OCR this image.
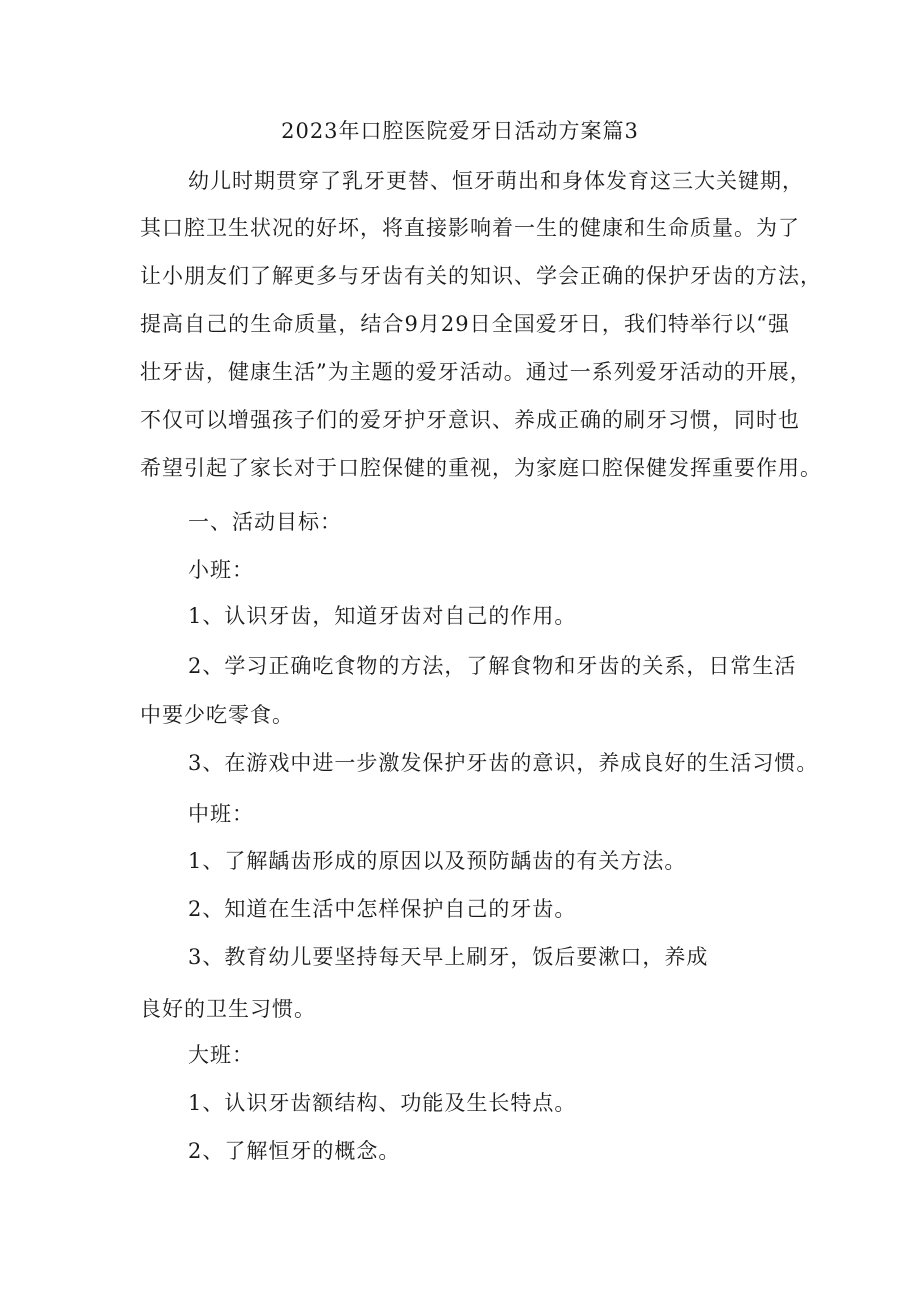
2023年口腔医院爱牙日活动方案篇3
幼儿时期贯穿了乳牙更替、恒牙萌出和身体发育这三大关键期，
其口腔卫生状况的好坏，将直接影响着一生的健康和生命质量。为了
让小朋友们了解更多与牙齿有关的知识、学会正确的保护牙齿的方法，
提高自己的生命质量，结合9月29日全国爱牙日，我们特举行以“强
壮牙齿，健康生活”为主题的爱牙活动。通过一系列爱牙活动的开展，
不仅可以增强孩子们的爱牙护牙意识、养成正确的刷牙习惯，同时也
希望引起了家长对于口腔保健的重视，为家庭口腔保健发挥重要作用。
一、活动目标：
小班：
1、认识牙齿，知道牙齿对自己的作用。
2、学习正确吃食物的方法，了解食物和牙齿的关系，日常生活
中要少吃零食。
3、在游戏中进一步激发保护牙齿的意识，养成良好的生活习惯。
中班：
1、了解龋齿形成的原因以及预防龋齿的有关方法。
2、知道在生活中怎样保护自己的牙齿。
3、教育幼儿要坚持每天早上刷牙，饭后要漱口，养成
良好的卫生习惯。
大班：
1、认识牙齿额结构、功能及生长特点。
2、了解恒牙的概念。
